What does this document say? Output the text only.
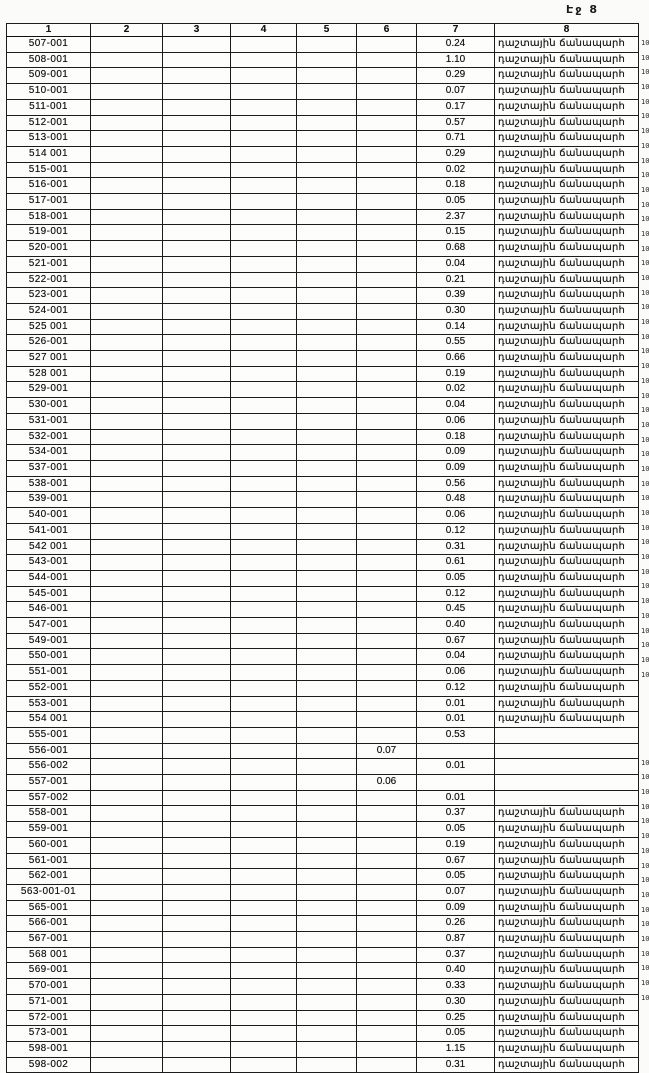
Էջ 8
1	2	3	4	5	6	7	8
507-001						0.24	դաշտային ճանապարհ
508-001						1.10	դաշտային ճանապարհ
509-001						0.29	դաշտային ճանապարհ
510-001						0.07	դաշտային ճանապարհ
511-001						0.17	դաշտային ճանապարհ
512-001						0.57	դաշտային ճանապարհ
513-001						0.71	դաշտային ճանապարհ
514 001						0.29	դաշտային ճանապարհ
515-001						0.02	դաշտային ճանապարհ
516-001						0.18	դաշտային ճանապարհ
517-001						0.05	դաշտային ճանապարհ
518-001						2.37	դաշտային ճանապարհ
519-001						0.15	դաշտային ճանապարհ
520-001						0.68	դաշտային ճանապարհ
521-001						0.04	դաշտային ճանապարհ
522-001						0.21	դաշտային ճանապարհ
523-001						0.39	դաշտային ճանապարհ
524-001						0.30	դաշտային ճանապարհ
525 001						0.14	դաշտային ճանապարհ
526-001						0.55	դաշտային ճանապարհ
527 001						0.66	դաշտային ճանապարհ
528 001						0.19	դաշտային ճանապարհ
529-001						0.02	դաշտային ճանապարհ
530-001						0.04	դաշտային ճանապարհ
531-001						0.06	դաշտային ճանապարհ
532-001						0.18	դաշտային ճանապարհ
534-001						0.09	դաշտային ճանապարհ
537-001						0.09	դաշտային ճանապարհ
538-001						0.56	դաշտային ճանապարհ
539-001						0.48	դաշտային ճանապարհ
540-001						0.06	դաշտային ճանապարհ
541-001						0.12	դաշտային ճանապարհ
542 001						0.31	դաշտային ճանապարհ
543-001						0.61	դաշտային ճանապարհ
544-001						0.05	դաշտային ճանապարհ
545-001						0.12	դաշտային ճանապարհ
546-001						0.45	դաշտային ճանապարհ
547-001						0.40	դաշտային ճանապարհ
549-001						0.67	դաշտային ճանապարհ
550-001						0.04	դաշտային ճանապարհ
551-001						0.06	դաշտային ճանապարհ
552-001						0.12	դաշտային ճանապարհ
553-001						0.01	դաշտային ճանապարհ
554 001						0.01	դաշտային ճանապարհ
555-001						0.53	
556-001					0.07		
556-002						0.01	
557-001					0.06		
557-002						0.01	
558-001						0.37	դաշտային ճանապարհ
559-001						0.05	դաշտային ճանապարհ
560-001						0.19	դաշտային ճանապարհ
561-001						0.67	դաշտային ճանապարհ
562-001						0.05	դաշտային ճանապարհ
563-001-01						0.07	դաշտային ճանապարհ
565-001						0.09	դաշտային ճանապարհ
566-001						0.26	դաշտային ճանապարհ
567-001						0.87	դաշտային ճանապարհ
568 001						0.37	դաշտային ճանապարհ
569-001						0.40	դաշտային ճանապարհ
570-001						0.33	դաշտային ճանապարհ
571-001						0.30	դաշտային ճանապարհ
572-001						0.25	դաշտային ճանապարհ
573-001						0.05	դաշտային ճանապարհ
598-001						1.15	դաշտային ճանապարհ
598-002						0.31	դաշտային ճանապարհ
10
10
10
10
10
10
10
10
10
10
10
10
10
10
10
10
10
10
10
10
10
10
10
10
10
10
10
10
10
10
10
10
10
10
10
10
10
10
10
10
10
10
10
10
10
10
10
10
10
10
10
10
10
10
10
10
10
10
10
10
10
